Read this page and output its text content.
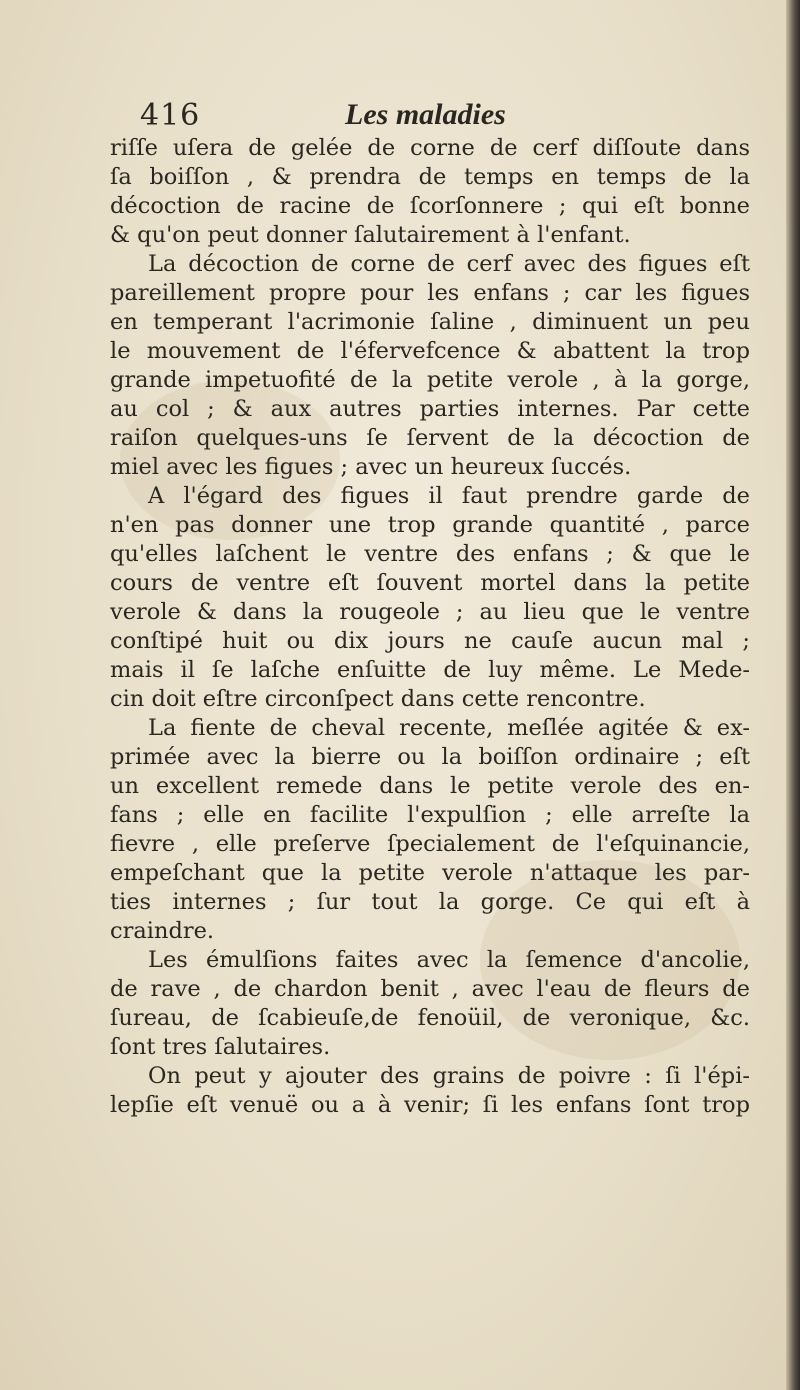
416	Les maladies
riſſe uſera de gelée de corne de cerf diſſoute dans
ſa boiſſon , & prendra de temps en temps de la
décoction de racine de ſcorſonnere ; qui eſt bonne
& qu'on peut donner ſalutairement à l'enfant.
La décoction de corne de cerf avec des figues eſt
pareillement propre pour les enfans ; car les figues
en temperant l'acrimonie ſaline , diminuent un peu
le mouvement de l'éfervefcence & abattent la trop
grande impetuofité de la petite verole , à la gorge,
au col ; & aux autres parties internes. Par cette
raiſon quelques-uns ſe ſervent de la décoction de
miel avec les figues ; avec un heureux ſuccés.
A l'égard des figues il faut prendre garde de
n'en pas donner une trop grande quantité , parce
qu'elles laſchent le ventre des enfans ; & que le
cours de ventre eſt ſouvent mortel dans la petite
verole & dans la rougeole ; au lieu que le ventre
conſtipé huit ou dix jours ne cauſe aucun mal ;
mais il ſe laſche enſuitte de luy même. Le Mede-
cin doit eſtre circonſpect dans cette rencontre.
La fiente de cheval recente, meſlée agitée & ex-
primée avec la bierre ou la boiſſon ordinaire ; eſt
un excellent remede dans le petite verole des en-
fans ; elle en facilite l'expulſion ; elle arreſte la
fievre , elle preſerve ſpecialement de l'eſquinancie,
empeſchant que la petite verole n'attaque les par-
ties internes ; ſur tout la gorge. Ce qui eſt à
craindre.
Les émulſions faites avec la ſemence d'ancolie,
de rave , de chardon benit , avec l'eau de fleurs de
ſureau, de ſcabieuſe,de fenoüil, de veronique, &c.
ſont tres ſalutaires.
On peut y ajouter des grains de poivre : ſi l'épi-
lepſie eſt venuë ou a à venir; ſi les enfans ſont trop
